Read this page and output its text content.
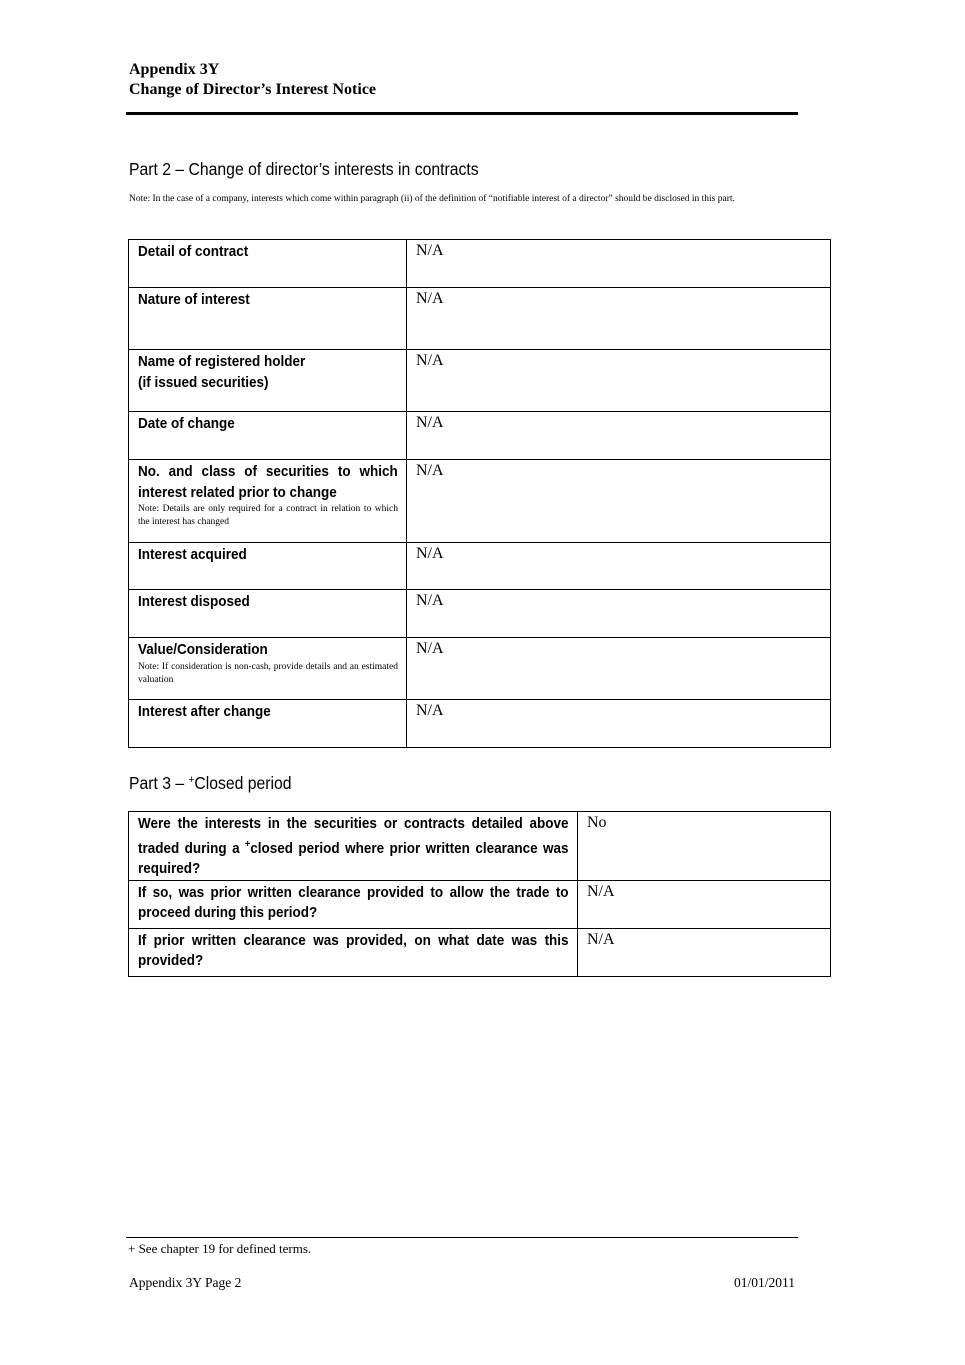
Appendix 3Y
Change of Director’s Interest Notice
Part 2 – Change of director’s interests in contracts
Note: In the case of a company, interests which come within paragraph (ii) of the definition of “notifiable interest of a director” should be disclosed in this part.
Detail of contract	N/A

Nature of interest	N/A

Name of registered holder
(if issued securities)	N/A

Date of change	N/A

No. and class of securities to which interest related prior to change
Note: Details are only required for a contract in relation to which the interest has changed	N/A

Interest acquired	N/A

Interest disposed	N/A

Value/Consideration
Note: If consideration is non-cash, provide details and an estimated valuation	N/A

Interest after change	N/A
Part 3 – +Closed period
Were the interests in the securities or contracts detailed above traded during a +closed period where prior written clearance was required?	No

If so, was prior written clearance provided to allow the trade to proceed during this period?	N/A

If prior written clearance was provided, on what date was this provided?	N/A
+ See chapter 19 for defined terms.
Appendix 3Y Page 2	01/01/2011
